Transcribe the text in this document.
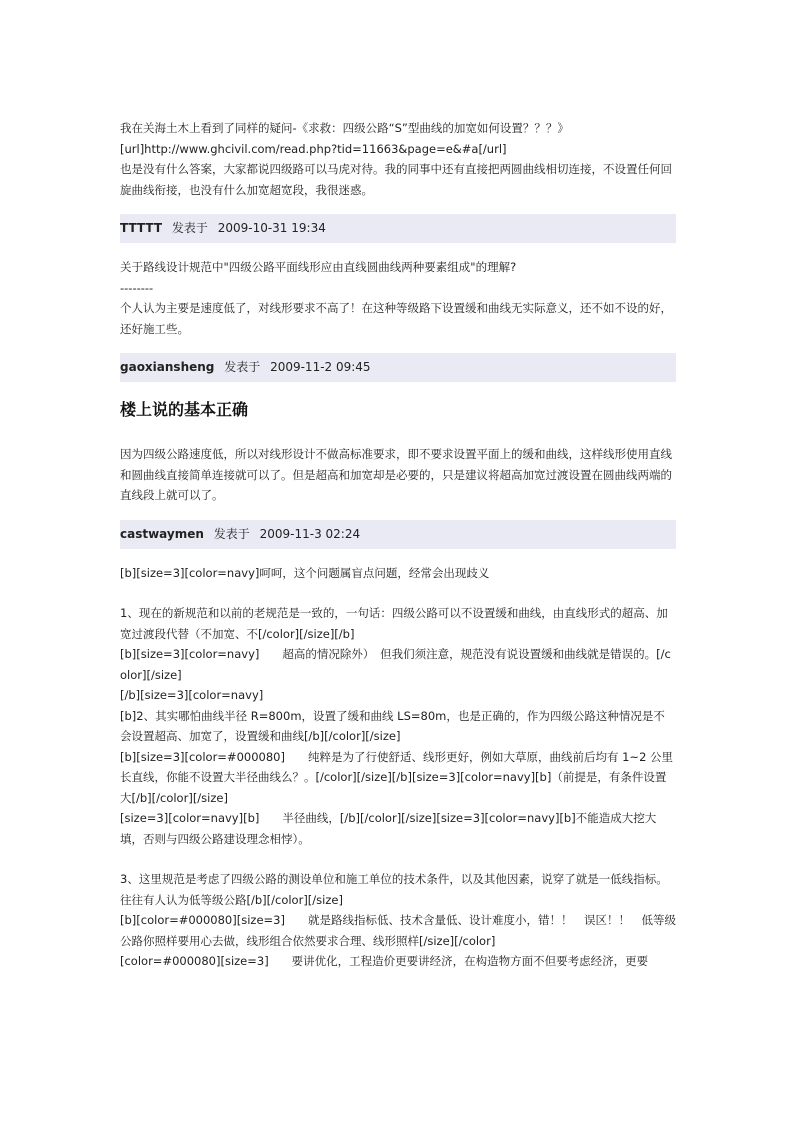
我在关海土木上看到了同样的疑问-《求救：四级公路“S”型曲线的加宽如何设置？？？》

[url]http://www.ghcivil.com/read.php?tid=11663&page=e&#a[/url]

也是没有什么答案，大家都说四级路可以马虎对待。我的同事中还有直接把两圆曲线相切连接，不设置任何回旋曲线衔接，也没有什么加宽超宽段，我很迷惑。

TTTTT 发表于 2009-10-31 19:34

关于路线设计规范中"四级公路平面线形应由直线圆曲线两种要素组成"的理解?

--------

个人认为主要是速度低了，对线形要求不高了！在这种等级路下设置缓和曲线无实际意义，还不如不设的好，还好施工些。

gaoxiansheng 发表于 2009-11-2 09:45
楼上说的基本正确

因为四级公路速度低，所以对线形设计不做高标准要求，即不要求设置平面上的缓和曲线，这样线形使用直线和圆曲线直接简单连接就可以了。但是超高和加宽却是必要的，只是建议将超高加宽过渡设置在圆曲线两端的直线段上就可以了。

castwaymen 发表于 2009-11-3 02:24

[b][size=3][color=navy]呵呵，这个问题属盲点问题，经常会出现歧义

1、现在的新规范和以前的老规范是一致的，一句话：四级公路可以不设置缓和曲线，由直线形式的超高、加宽过渡段代替（不加宽、不[/color][/size][/b]

[b][size=3][color=navy]　　超高的情况除外）　但我们须注意，规范没有说设置缓和曲线就是错误的。[/color][/size]

[/b][size=3][color=navy]

[b]2、其实哪怕曲线半径 R=800m，设置了缓和曲线 LS=80m，也是正确的，作为四级公路这种情况是不会设置超高、加宽了，设置缓和曲线[/b][/color][/size]

[b][size=3][color=#000080]　　纯粹是为了行使舒适、线形更好，例如大草原，曲线前后均有 1~2 公里长直线，你能不设置大半径曲线么？。[/color][/size][/b][size=3][color=navy][b]（前提是，有条件设置大[/b][/color][/size]

[size=3][color=navy][b]　　半径曲线，[/b][/color][/size][size=3][color=navy][b]不能造成大挖大填，否则与四级公路建设理念相悖）。

3、这里规范是考虑了四级公路的测设单位和施工单位的技术条件，以及其他因素，说穿了就是一低线指标。往往有人认为低等级公路[/b][/color][/size]

[b][color=#000080][size=3]　　就是路线指标低、技术含量低、设计难度小，错！！　误区！！　低等级公路你照样要用心去做，线形组合依然要求合理、线形照样[/size][/color]

[color=#000080][size=3]　　要讲优化，工程造价更要讲经济，在构造物方面不但要考虑经济，更要
